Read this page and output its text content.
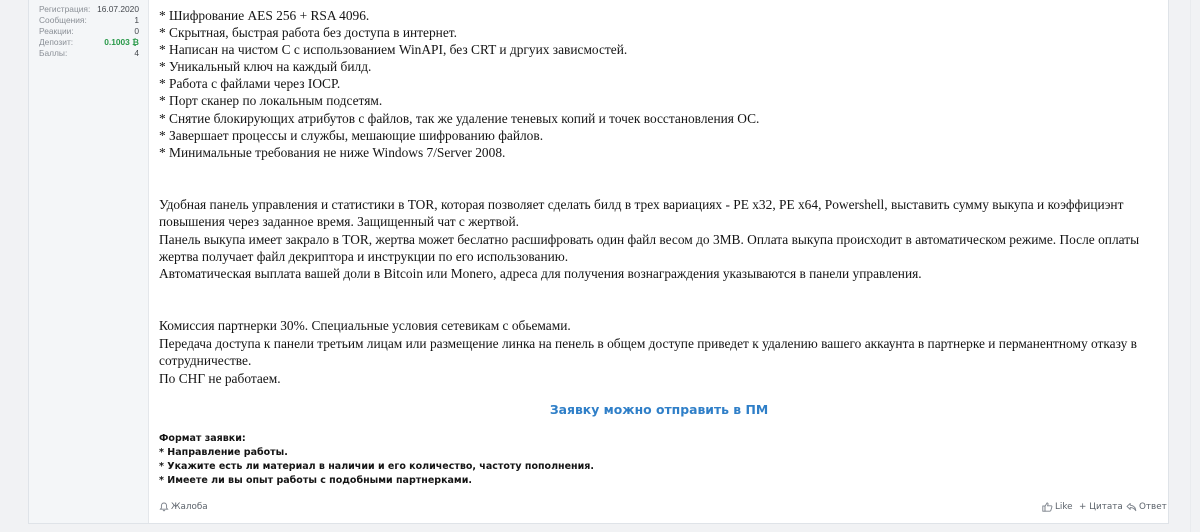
Регистрация: 16.07.2020
Сообщения:	1
Реакции:	0
Депозит:	0.1003 ₿
Баллы:	4
* Шифрование AES 256 + RSA 4096.
* Скрытная, быстрая работа без доступа в интернет.
* Написан на чистом С с использованием WinAPI, без CRT и дргуих зависмостей.
* Уникальный ключ на каждый билд.
* Работа с файлами через IOCP.
* Порт сканер по локальным подсетям.
* Снятие блокирующих атрибутов с файлов, так же удаление теневых копий и точек восстановления ОС.
* Завершает процессы и службы, мешающие шифрованию файлов.
* Минимальные требования не ниже Windows 7/Server 2008.
Удобная панель управления и статистики в TOR, которая позволяет сделать билд в трех вариациях - PE x32, PE x64, Powershell, выставить сумму выкупа и коэффициэнт
повышения через заданное время. Защищенный чат с жертвой.
Панель выкупа имеет закрало в TOR, жертва может беслатно расшифровать один файл весом до 3МВ. Оплата выкупа происходит в автоматическом режиме. После оплаты
жертва получает файл декриптора и инструкции по его использованию.
Автоматическая выплата вашей доли в Bitcoin или Monero, адреса для получения вознаграждения указываются в панели управления.
Комиссия партнерки 30%. Специальные условия сетевикам с обьемами.
Передача доступа к панели третьим лицам или размещение линка на пенель в общем доступе приведет к удалению вашего аккаунта в партнерке и перманентному отказу в
сотрудничестве.
По СНГ не работаем.
Заявку можно отправить в ПМ
Формат заявки:
* Направление работы.
* Укажите есть ли материал в наличии и его количество, частоту пополнения.
* Имеете ли вы опыт работы с подобными партнерками.
Жалоба	Like + Цитата Ответ
